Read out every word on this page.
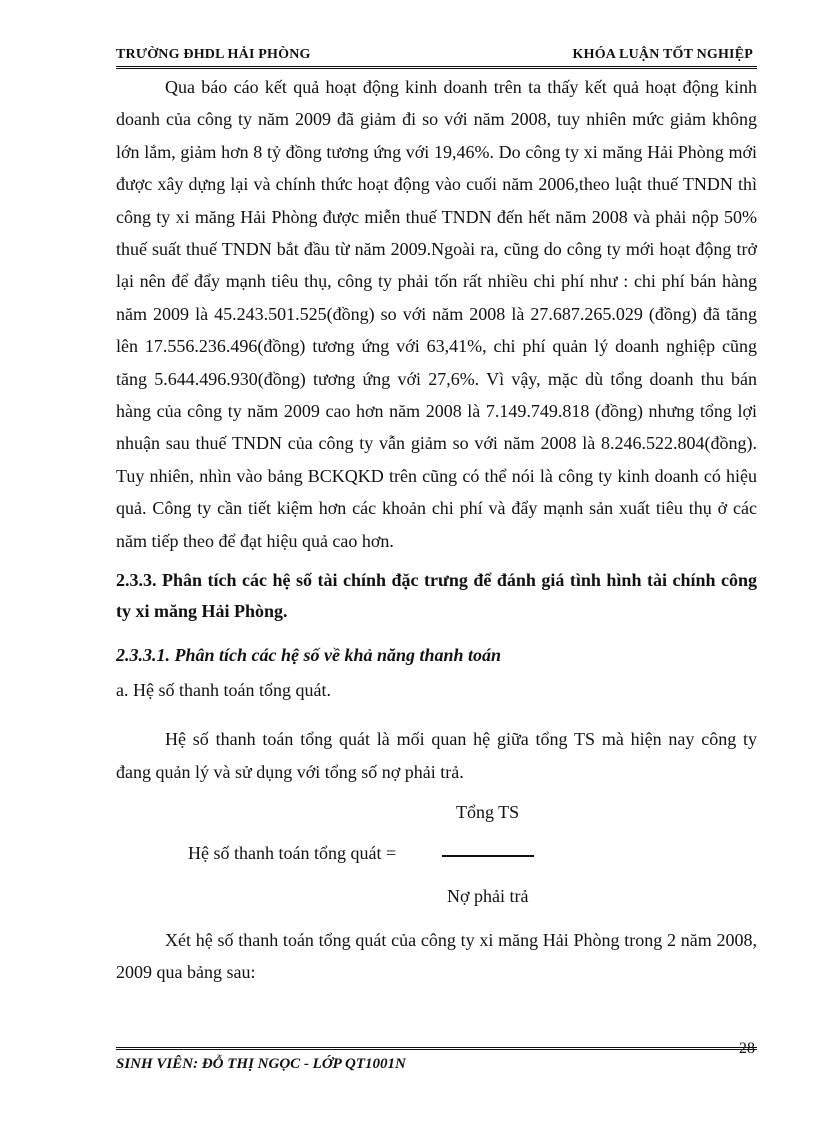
TRƯỜNG ĐHDL HẢI PHÒNG	KHÓA LUẬN TỐT NGHIỆP

Qua báo cáo kết quả hoạt động kinh doanh trên ta thấy kết quả hoạt động kinh doanh của công ty năm 2009 đã giảm đi so với năm 2008, tuy nhiên mức giảm không lớn lắm, giảm hơn 8 tỷ đồng tương ứng với 19,46%. Do công ty xi măng Hải Phòng mới được xây dựng lại và chính thức hoạt động vào cuối năm 2006,theo luật thuế TNDN thì công ty xi măng Hải Phòng được miễn thuế TNDN đến hết năm 2008 và phải nộp 50% thuế suất thuế TNDN bắt đầu từ năm 2009.Ngoài ra, cũng do công ty mới hoạt động trở lại nên để đẩy mạnh tiêu thụ, công ty phải tốn rất nhiều chi phí như : chi phí bán hàng năm 2009 là 45.243.501.525(đồng) so với năm 2008 là 27.687.265.029 (đồng) đã tăng lên 17.556.236.496(đồng) tương ứng với 63,41%, chi phí quản lý doanh nghiệp cũng tăng 5.644.496.930(đồng) tương ứng với 27,6%. Vì vậy, mặc dù tổng doanh thu bán hàng của công ty năm 2009 cao hơn năm 2008 là 7.149.749.818 (đồng) nhưng tổng lợi nhuận sau thuế TNDN của công ty vẫn giảm so với năm 2008 là 8.246.522.804(đồng). Tuy nhiên, nhìn vào bảng BCKQKD trên cũng có thể nói là công ty kinh doanh có hiệu quả. Công ty cần tiết kiệm hơn các khoản chi phí và đẩy mạnh sản xuất tiêu thụ ở các năm tiếp theo để đạt hiệu quả cao hơn.

2.3.3. Phân tích các hệ số tài chính đặc trưng để đánh giá tình hình tài chính công ty xi măng Hải Phòng.

2.3.3.1. Phân tích các hệ số về khả năng thanh toán

a. Hệ số thanh toán tổng quát.

Hệ số thanh toán tổng quát là mối quan hệ giữa tổng TS mà hiện nay công ty đang quản lý và sử dụng với tổng số nợ phải trả.

Tổng TS
Hệ số thanh toán tổng quát =
Nợ phải trả

Xét hệ số thanh toán tổng quát của công ty xi măng Hải Phòng trong 2 năm 2008, 2009 qua bảng sau:

SINH VIÊN: ĐỖ THỊ NGỌC - LỚP QT1001N
28
